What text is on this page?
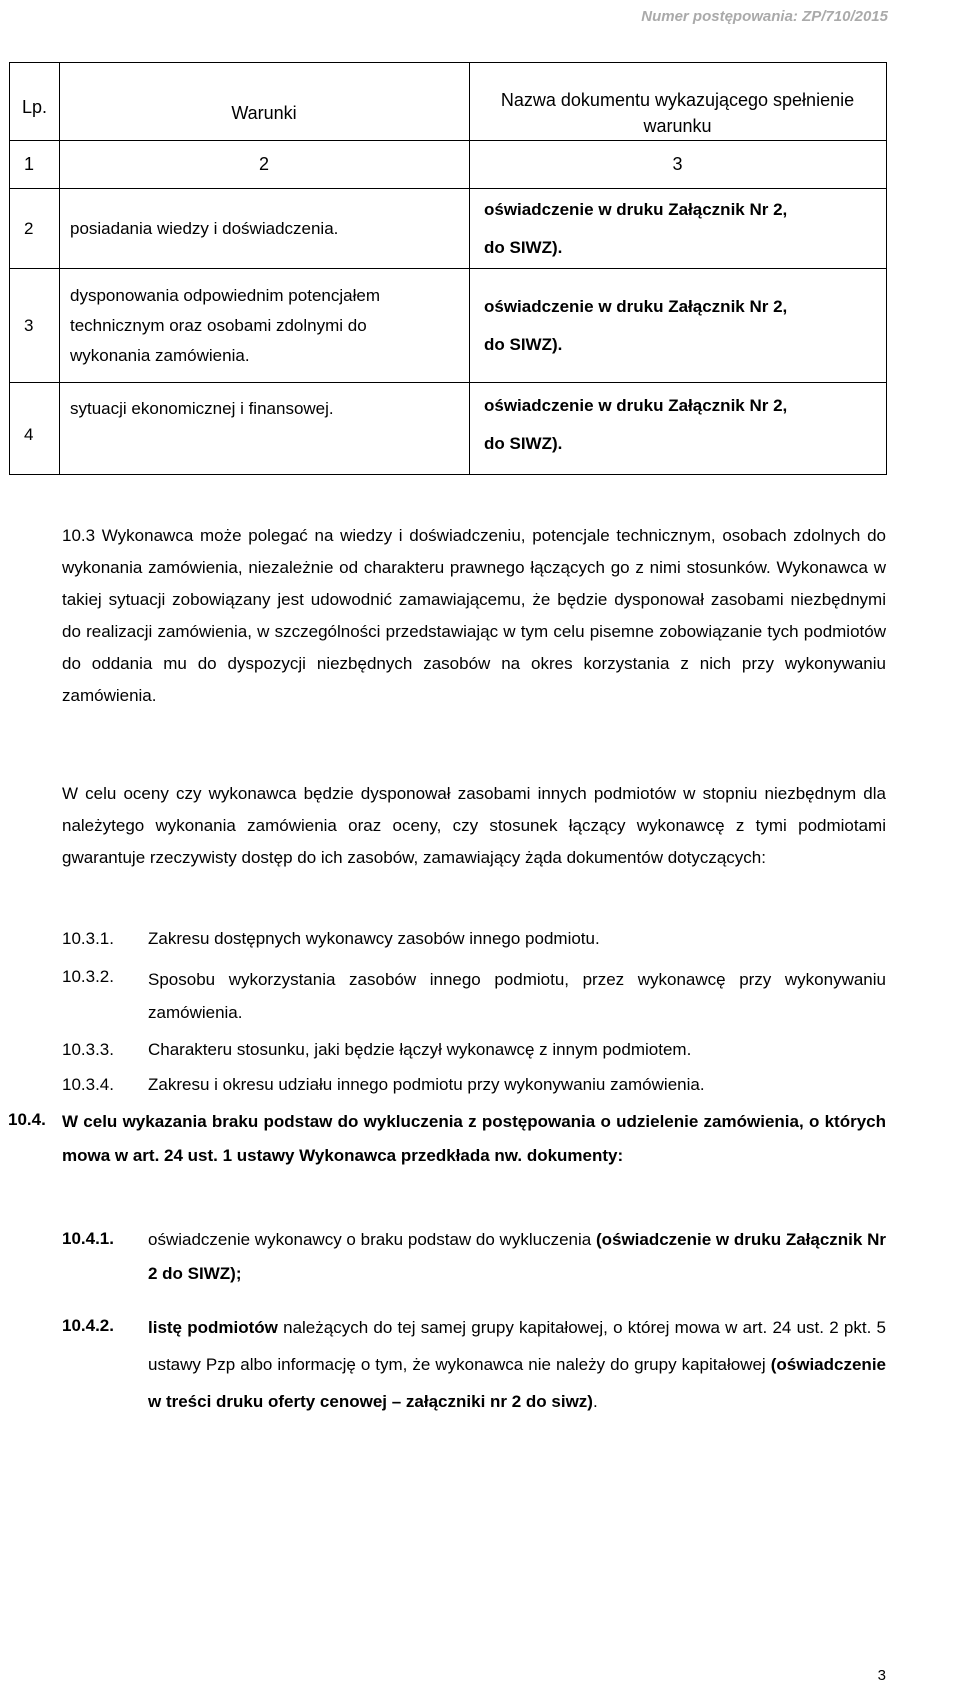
Numer postępowania: ZP/710/2015
Lp.	Warunki	Nazwa dokumentu wykazującego spełnienie warunku
1	2	3
2	posiadania wiedzy i doświadczenia.	oświadczenie w druku Załącznik Nr 2,
do SIWZ).

3	dysponowania odpowiednim potencjałem technicznym oraz osobami zdolnymi do wykonania zamówienia.	oświadczenie w druku Załącznik Nr 2,
do SIWZ).

4	sytuacji ekonomicznej i finansowej.	oświadczenie w druku Załącznik Nr 2,
do SIWZ).
10.3 Wykonawca może polegać na wiedzy i doświadczeniu, potencjale technicznym, osobach zdolnych do wykonania zamówienia, niezależnie od charakteru prawnego łączących go z nimi stosunków. Wykonawca w takiej sytuacji zobowiązany jest udowodnić zamawiającemu, że będzie dysponował zasobami niezbędnymi do realizacji zamówienia, w szczególności przedstawiając w tym celu pisemne zobowiązanie tych podmiotów do oddania mu do dyspozycji niezbędnych zasobów na okres korzystania z nich przy wykonywaniu zamówienia.
W celu oceny czy wykonawca będzie dysponował zasobami innych podmiotów w stopniu niezbędnym dla należytego wykonania zamówienia oraz oceny, czy stosunek łączący wykonawcę z tymi podmiotami gwarantuje rzeczywisty dostęp do ich zasobów, zamawiający żąda dokumentów dotyczących:
10.3.1. Zakresu dostępnych wykonawcy zasobów innego podmiotu.
10.3.2. Sposobu wykorzystania zasobów innego podmiotu, przez wykonawcę przy wykonywaniu zamówienia.
10.3.3. Charakteru stosunku, jaki będzie łączył wykonawcę z innym podmiotem.
10.3.4. Zakresu i okresu udziału innego podmiotu przy wykonywaniu zamówienia.
10.4. W celu wykazania braku podstaw do wykluczenia z postępowania o udzielenie zamówienia, o których mowa w art. 24 ust. 1 ustawy Wykonawca przedkłada nw. dokumenty:
10.4.1. oświadczenie wykonawcy o braku podstaw do wykluczenia (oświadczenie w druku Załącznik Nr 2 do SIWZ);
10.4.2. listę podmiotów należących do tej samej grupy kapitałowej, o której mowa w art. 24 ust. 2 pkt. 5 ustawy Pzp albo informację o tym, że wykonawca nie należy do grupy kapitałowej (oświadczenie w treści druku oferty cenowej – załączniki nr 2 do siwz).
3
